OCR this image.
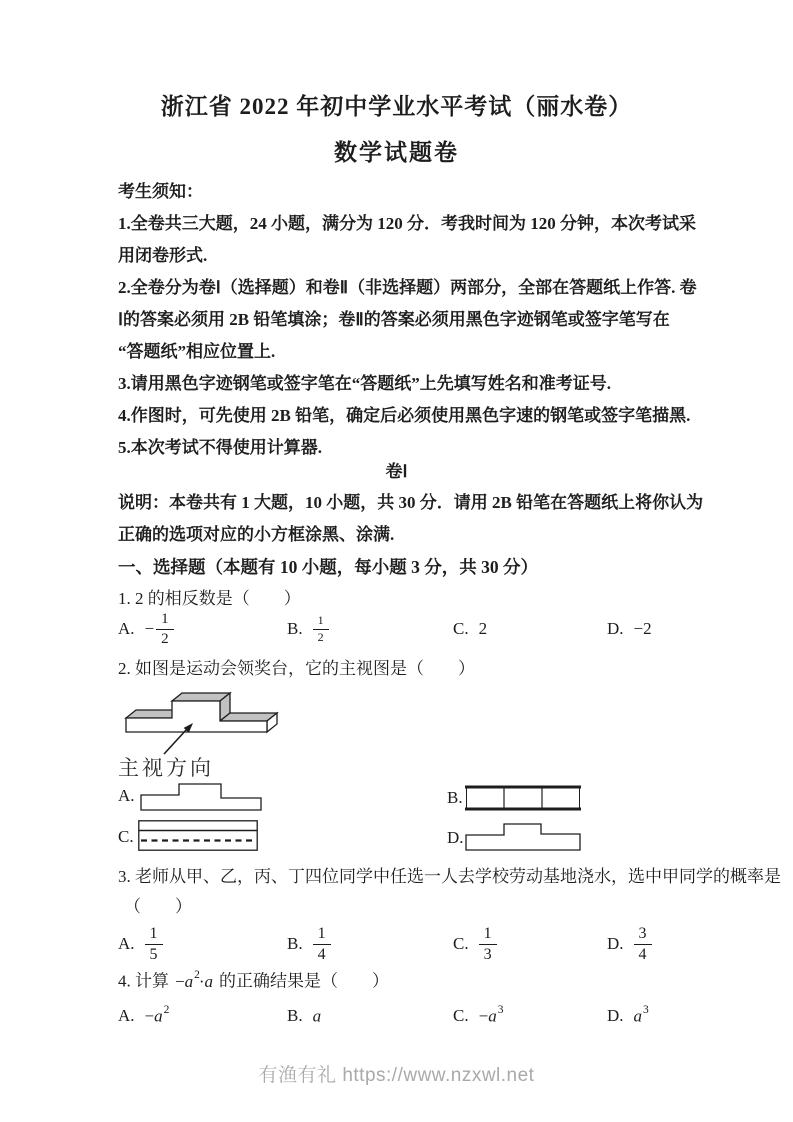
浙江省 2022 年初中学业水平考试（丽水卷）
数学试题卷
考生须知：
1.全卷共三大题，24 小题，满分为 120 分．考我时间为 120 分钟，本次考试采
用闭卷形式.
2.全卷分为卷Ⅰ（选择题）和卷Ⅱ（非选择题）两部分，全部在答题纸上作答. 卷
Ⅰ的答案必须用 2B 铅笔填涂；卷Ⅱ的答案必须用黑色字迹钢笔或签字笔写在
“答题纸”相应位置上.
3.请用黑色字迹钢笔或签字笔在“答题纸”上先填写姓名和准考证号.
4.作图时，可先使用 2B 铅笔，确定后必须使用黑色字速的钢笔或签字笔描黑.
5.本次考试不得使用计算器.
卷Ⅰ
说明：本卷共有 1 大题，10 小题，共 30 分．请用 2B 铅笔在答题纸上将你认为
正确的选项对应的小方框涂黑、涂满.
一、选择题（本题有 10 小题，每小题 3 分，共 30 分）
1. 2 的相反数是（　　）
A. − $\frac{1}{2}$	B. $\frac{1}{2}$	C. 2	D. −2
2. 如图是运动会领奖台，它的主视图是（　　）
主视方向
A.	B.
C.	D.
3. 老师从甲、乙，丙、丁四位同学中任选一人去学校劳动基地浇水，选中甲同学的概率是
（　　）
A. $\frac{1}{5}$	B. $\frac{1}{4}$	C. $\frac{1}{3}$	D. $\frac{3}{4}$
4. 计算 $-a^2\cdot a$ 的正确结果是（　　）
A. $-a^2$	B. a	C. $-a^3$	D. $a^3$
有渔有礼 https://www.nzxwl.net
